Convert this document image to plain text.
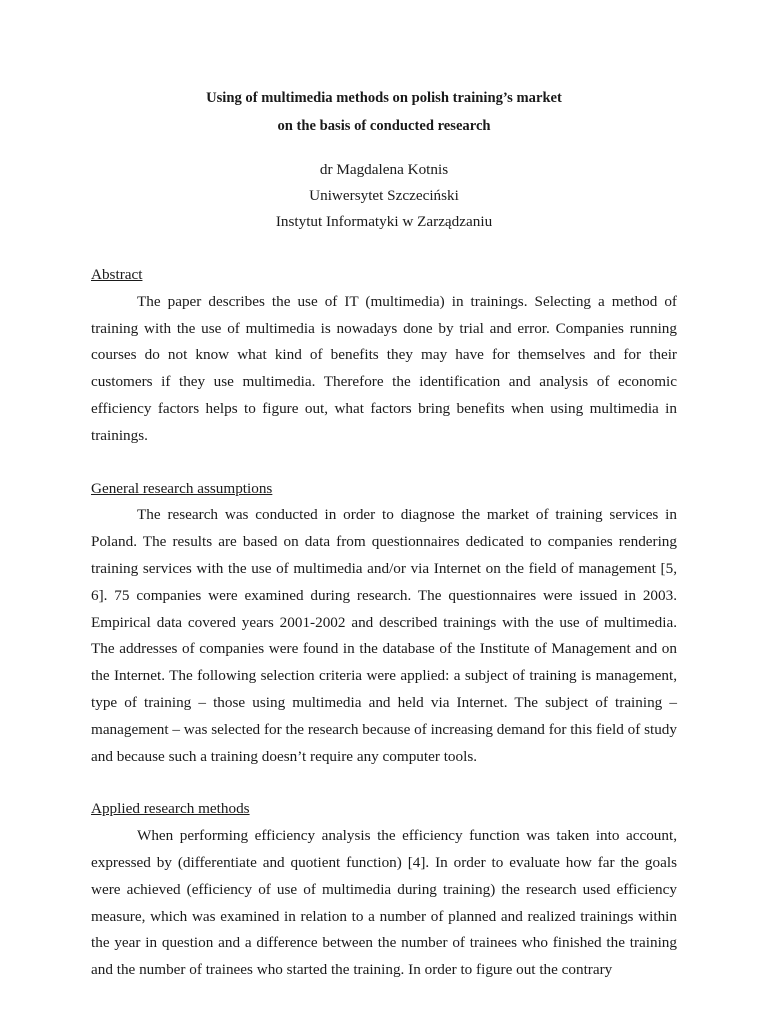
Using of multimedia methods on polish training’s market
on the basis of conducted research
dr Magdalena Kotnis
Uniwersytet Szczeciński
Instytut Informatyki w Zarządzaniu
Abstract

The paper describes the use of IT (multimedia) in trainings. Selecting a method of training with the use of multimedia is nowadays done by trial and error. Companies running courses do not know what kind of benefits they may have for themselves and for their customers if they use multimedia. Therefore the identification and analysis of economic efficiency factors helps to figure out, what factors bring benefits when using multimedia in trainings.

General research assumptions

The research was conducted in order to diagnose the market of training services in Poland. The results are based on data from questionnaires dedicated to companies rendering training services with the use of multimedia and/or via Internet on the field of management [5, 6]. 75 companies were examined during research. The questionnaires were issued in 2003. Empirical data covered years 2001-2002 and described trainings with the use of multimedia. The addresses of companies were found in the database of the Institute of Management and on the Internet. The following selection criteria were applied: a subject of training is management, type of training – those using multimedia and held via Internet. The subject of training – management – was selected for the research because of increasing demand for this field of study and because such a training doesn’t require any computer tools.

Applied research methods

When performing efficiency analysis the efficiency function was taken into account, expressed by (differentiate and quotient function) [4]. In order to evaluate how far the goals were achieved (efficiency of use of multimedia during training) the research used efficiency measure, which was examined in relation to a number of planned and realized trainings within the year in question and a difference between the number of trainees who finished the training and the number of trainees who started the training. In order to figure out the contrary
